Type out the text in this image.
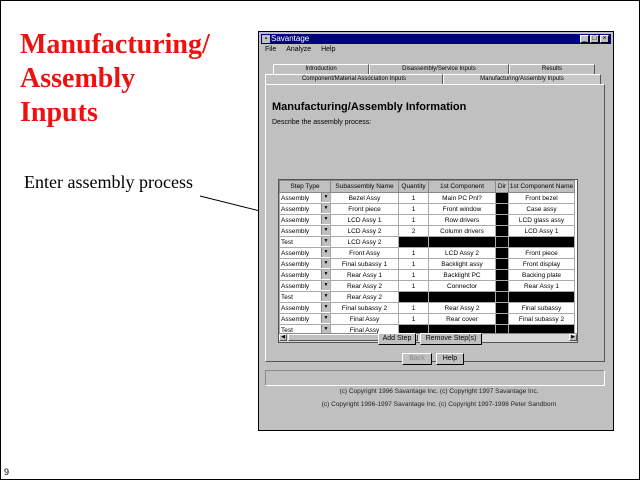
Manufacturing/
Assembly
Inputs
Enter assembly process
▪ Savantage	_ □ ×
File Analyze Help
Introduction	Disassembly/Service Inputs	Results
Component/Material Association Inputs	Manufacturing/Assembly Inputs
Manufacturing/Assembly Information
Describe the assembly process:
Step Type	Subassembly Name	Quantity	1st Component	Dir	1st Component Name
Assembly ▼	Bezel Assy	1	Main PC Pnl?		Front bezel
Assembly ▼	Front piece	1	Front window		Case assy
Assembly ▼	LCD Assy 1	1	Row drivers		LCD glass assy
Assembly ▼	LCD Assy 2	2	Column drivers		LCD Assy 1
Test ▼	LCD Assy 2				
Assembly ▼	Front Assy	1	LCD Assy 2		Front piece
Assembly ▼	Final subassy 1	1	Backlight assy		Front display
Assembly ▼	Rear Assy 1	1	Backlight PC		Backing plate
Assembly ▼	Rear Assy 2	1	Connector		Rear Assy 1
Test ▼	Rear Assy 2				
Assembly ▼	Final subassy 2	1	Rear Assy 2		Final subassy
Assembly ▼	Final Assy	1	Rear cover		Final subassy 2
Test ▼	Final Assy				
◀	▶
Add Step	Remove Step(s)
Back	Help
(c) Copyright 1996 Savantage Inc. (c) Copyright 1997 Savantage Inc.
(c) Copyright 1996-1997 Savantage Inc. (c) Copyright 1997-1998 Peter Sandborn
9
